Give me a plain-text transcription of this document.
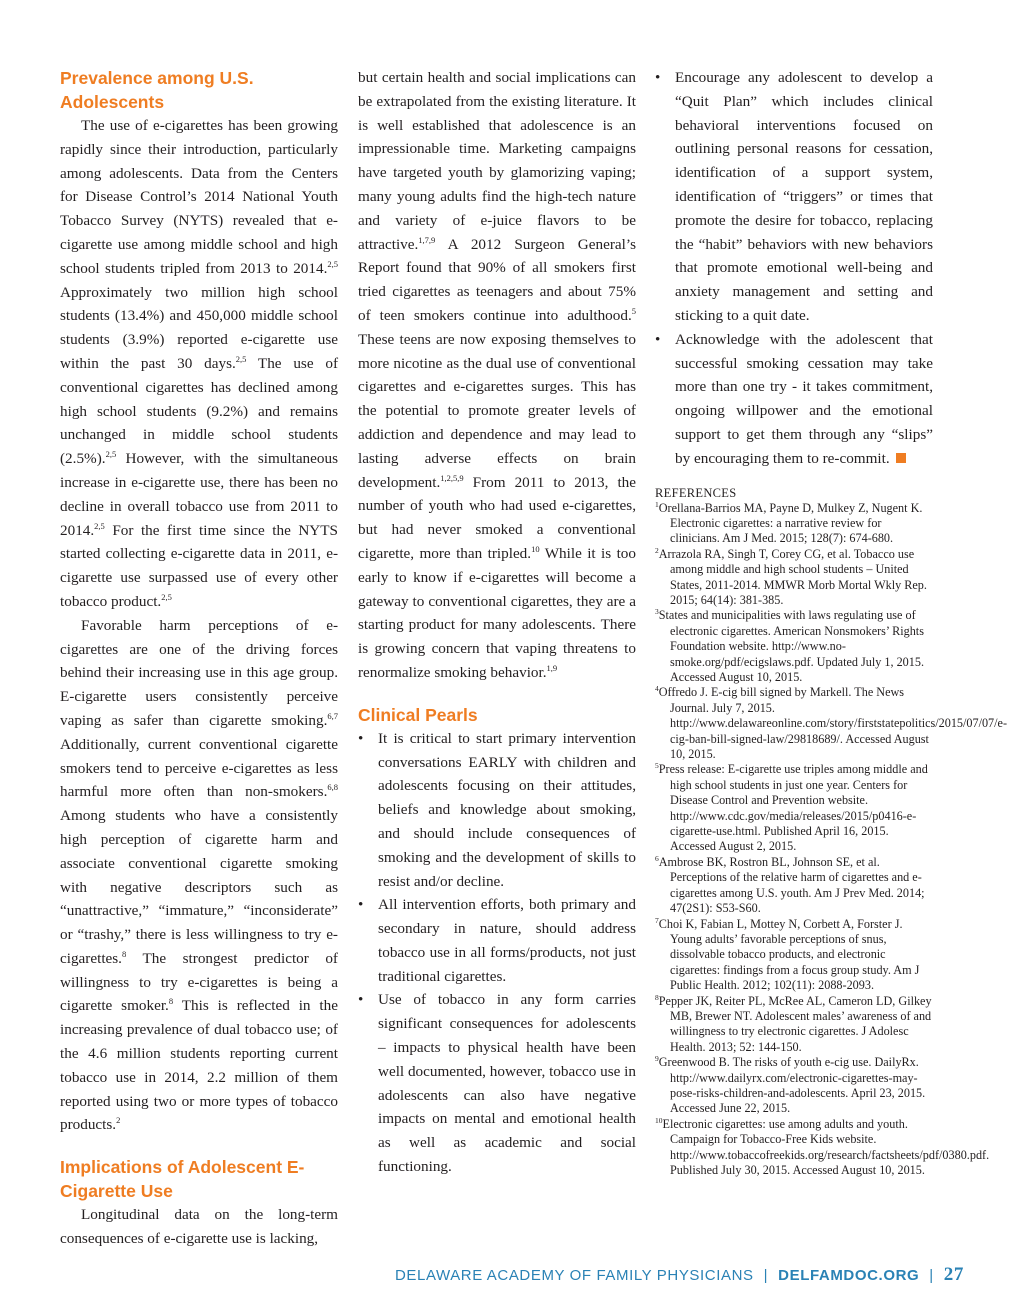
Prevalence among U.S. Adolescents

The use of e-cigarettes has been growing rapidly since their introduction, particularly among adolescents. Data from the Centers for Disease Control’s 2014 National Youth Tobacco Survey (NYTS) revealed that e-cigarette use among middle school and high school students tripled from 2013 to 2014.$^{2,5}$ Approximately two million high school students (13.4%) and 450,000 middle school students (3.9%) reported e-cigarette use within the past 30 days.$^{2,5}$ The use of conventional cigarettes has declined among high school students (9.2%) and remains unchanged in middle school students (2.5%).$^{2,5}$ However, with the simultaneous increase in e-cigarette use, there has been no decline in overall tobacco use from 2011 to 2014.$^{2,5}$ For the first time since the NYTS started collecting e-cigarette data in 2011, e-cigarette use surpassed use of every other tobacco product.$^{2,5}$

Favorable harm perceptions of e-cigarettes are one of the driving forces behind their increasing use in this age group. E-cigarette users consistently perceive vaping as safer than cigarette smoking.$^{6,7}$ Additionally, current conventional cigarette smokers tend to perceive e-cigarettes as less harmful more often than non-smokers.$^{6,8}$ Among students who have a consistently high perception of cigarette harm and associate conventional cigarette smoking with negative descriptors such as “unattractive,” “immature,” “inconsiderate” or “trashy,” there is less willingness to try e-cigarettes.$^8$ The strongest predictor of willingness to try e-cigarettes is being a cigarette smoker.$^8$ This is reflected in the increasing prevalence of dual tobacco use; of the 4.6 million students reporting current tobacco use in 2014, 2.2 million of them reported using two or more types of tobacco products.$^2$

Implications of Adolescent E-Cigarette Use

Longitudinal data on the long-term consequences of e-cigarette use is lacking,

but certain health and social implications can be extrapolated from the existing literature. It is well established that adolescence is an impressionable time. Marketing campaigns have targeted youth by glamorizing vaping; many young adults find the high-tech nature and variety of e-juice flavors to be attractive.$^{1,7,9}$ A 2012 Surgeon General’s Report found that 90% of all smokers first tried cigarettes as teenagers and about 75% of teen smokers continue into adulthood.$^5$ These teens are now exposing themselves to more nicotine as the dual use of conventional cigarettes and e-cigarettes surges. This has the potential to promote greater levels of addiction and dependence and may lead to lasting adverse effects on brain development.$^{1,2,5,9}$ From 2011 to 2013, the number of youth who had used e-cigarettes, but had never smoked a conventional cigarette, more than tripled.$^{10}$ While it is too early to know if e-cigarettes will become a gateway to conventional cigarettes, they are a starting product for many adolescents. There is growing concern that vaping threatens to renormalize smoking behavior.$^{1,9}$

Clinical Pearls
• It is critical to start primary intervention conversations EARLY with children and adolescents focusing on their attitudes, beliefs and knowledge about smoking, and should include consequences of smoking and the development of skills to resist and/or decline.
• All intervention efforts, both primary and secondary in nature, should address tobacco use in all forms/products, not just traditional cigarettes.
• Use of tobacco in any form carries significant consequences for adolescents – impacts to physical health have been well documented, however, tobacco use in adolescents can also have negative impacts on mental and emotional health as well as academic and social functioning.
• Encourage any adolescent to develop a “Quit Plan” which includes clinical behavioral interventions focused on outlining personal reasons for cessation, identification of a support system, identification of “triggers” or times that promote the desire for tobacco, replacing the “habit” behaviors with new behaviors that promote emotional well-being and anxiety management and setting and sticking to a quit date.
• Acknowledge with the adolescent that successful smoking cessation may take more than one try - it takes commitment, ongoing willpower and the emotional support to get them through any “slips” by encouraging them to re-commit.
REFERENCES
$^1$Orellana-Barrios MA, Payne D, Mulkey Z, Nugent K. Electronic cigarettes: a narrative review for clinicians. Am J Med. 2015; 128(7): 674-680.
$^2$Arrazola RA, Singh T, Corey CG, et al. Tobacco use among middle and high school students – United States, 2011-2014. MMWR Morb Mortal Wkly Rep. 2015; 64(14): 381-385.
$^3$States and municipalities with laws regulating use of electronic cigarettes. American Nonsmokers’ Rights Foundation website. http://www.no-smoke.org/pdf/ecigslaws.pdf. Updated July 1, 2015. Accessed August 10, 2015.
$^4$Offredo J. E-cig bill signed by Markell. The News Journal. July 7, 2015. http://www.delawareonline.com/story/firststatepolitics/2015/07/07/e-cig-ban-bill-signed-law/29818689/. Accessed August 10, 2015.
$^5$Press release: E-cigarette use triples among middle and high school students in just one year. Centers for Disease Control and Prevention website. http://www.cdc.gov/media/releases/2015/p0416-e-cigarette-use.html. Published April 16, 2015. Accessed August 2, 2015.
$^6$Ambrose BK, Rostron BL, Johnson SE, et al. Perceptions of the relative harm of cigarettes and e-cigarettes among U.S. youth. Am J Prev Med. 2014; 47(2S1): S53-S60.
$^7$Choi K, Fabian L, Mottey N, Corbett A, Forster J. Young adults’ favorable perceptions of snus, dissolvable tobacco products, and electronic cigarettes: findings from a focus group study. Am J Public Health. 2012; 102(11): 2088-2093.
$^8$Pepper JK, Reiter PL, McRee AL, Cameron LD, Gilkey MB, Brewer NT. Adolescent males’ awareness of and willingness to try electronic cigarettes. J Adolesc Health. 2013; 52: 144-150.
$^9$Greenwood B. The risks of youth e-cig use. DailyRx. http://www.dailyrx.com/electronic-cigarettes-may-pose-risks-children-and-adolescents. April 23, 2015. Accessed June 22, 2015.
$^{10}$Electronic cigarettes: use among adults and youth. Campaign for Tobacco-Free Kids website. http://www.tobaccofreekids.org/research/factsheets/pdf/0380.pdf. Published July 30, 2015. Accessed August 10, 2015.
DELAWARE ACADEMY OF FAMILY PHYSICIANS | DELFAMDOC.ORG | 27
